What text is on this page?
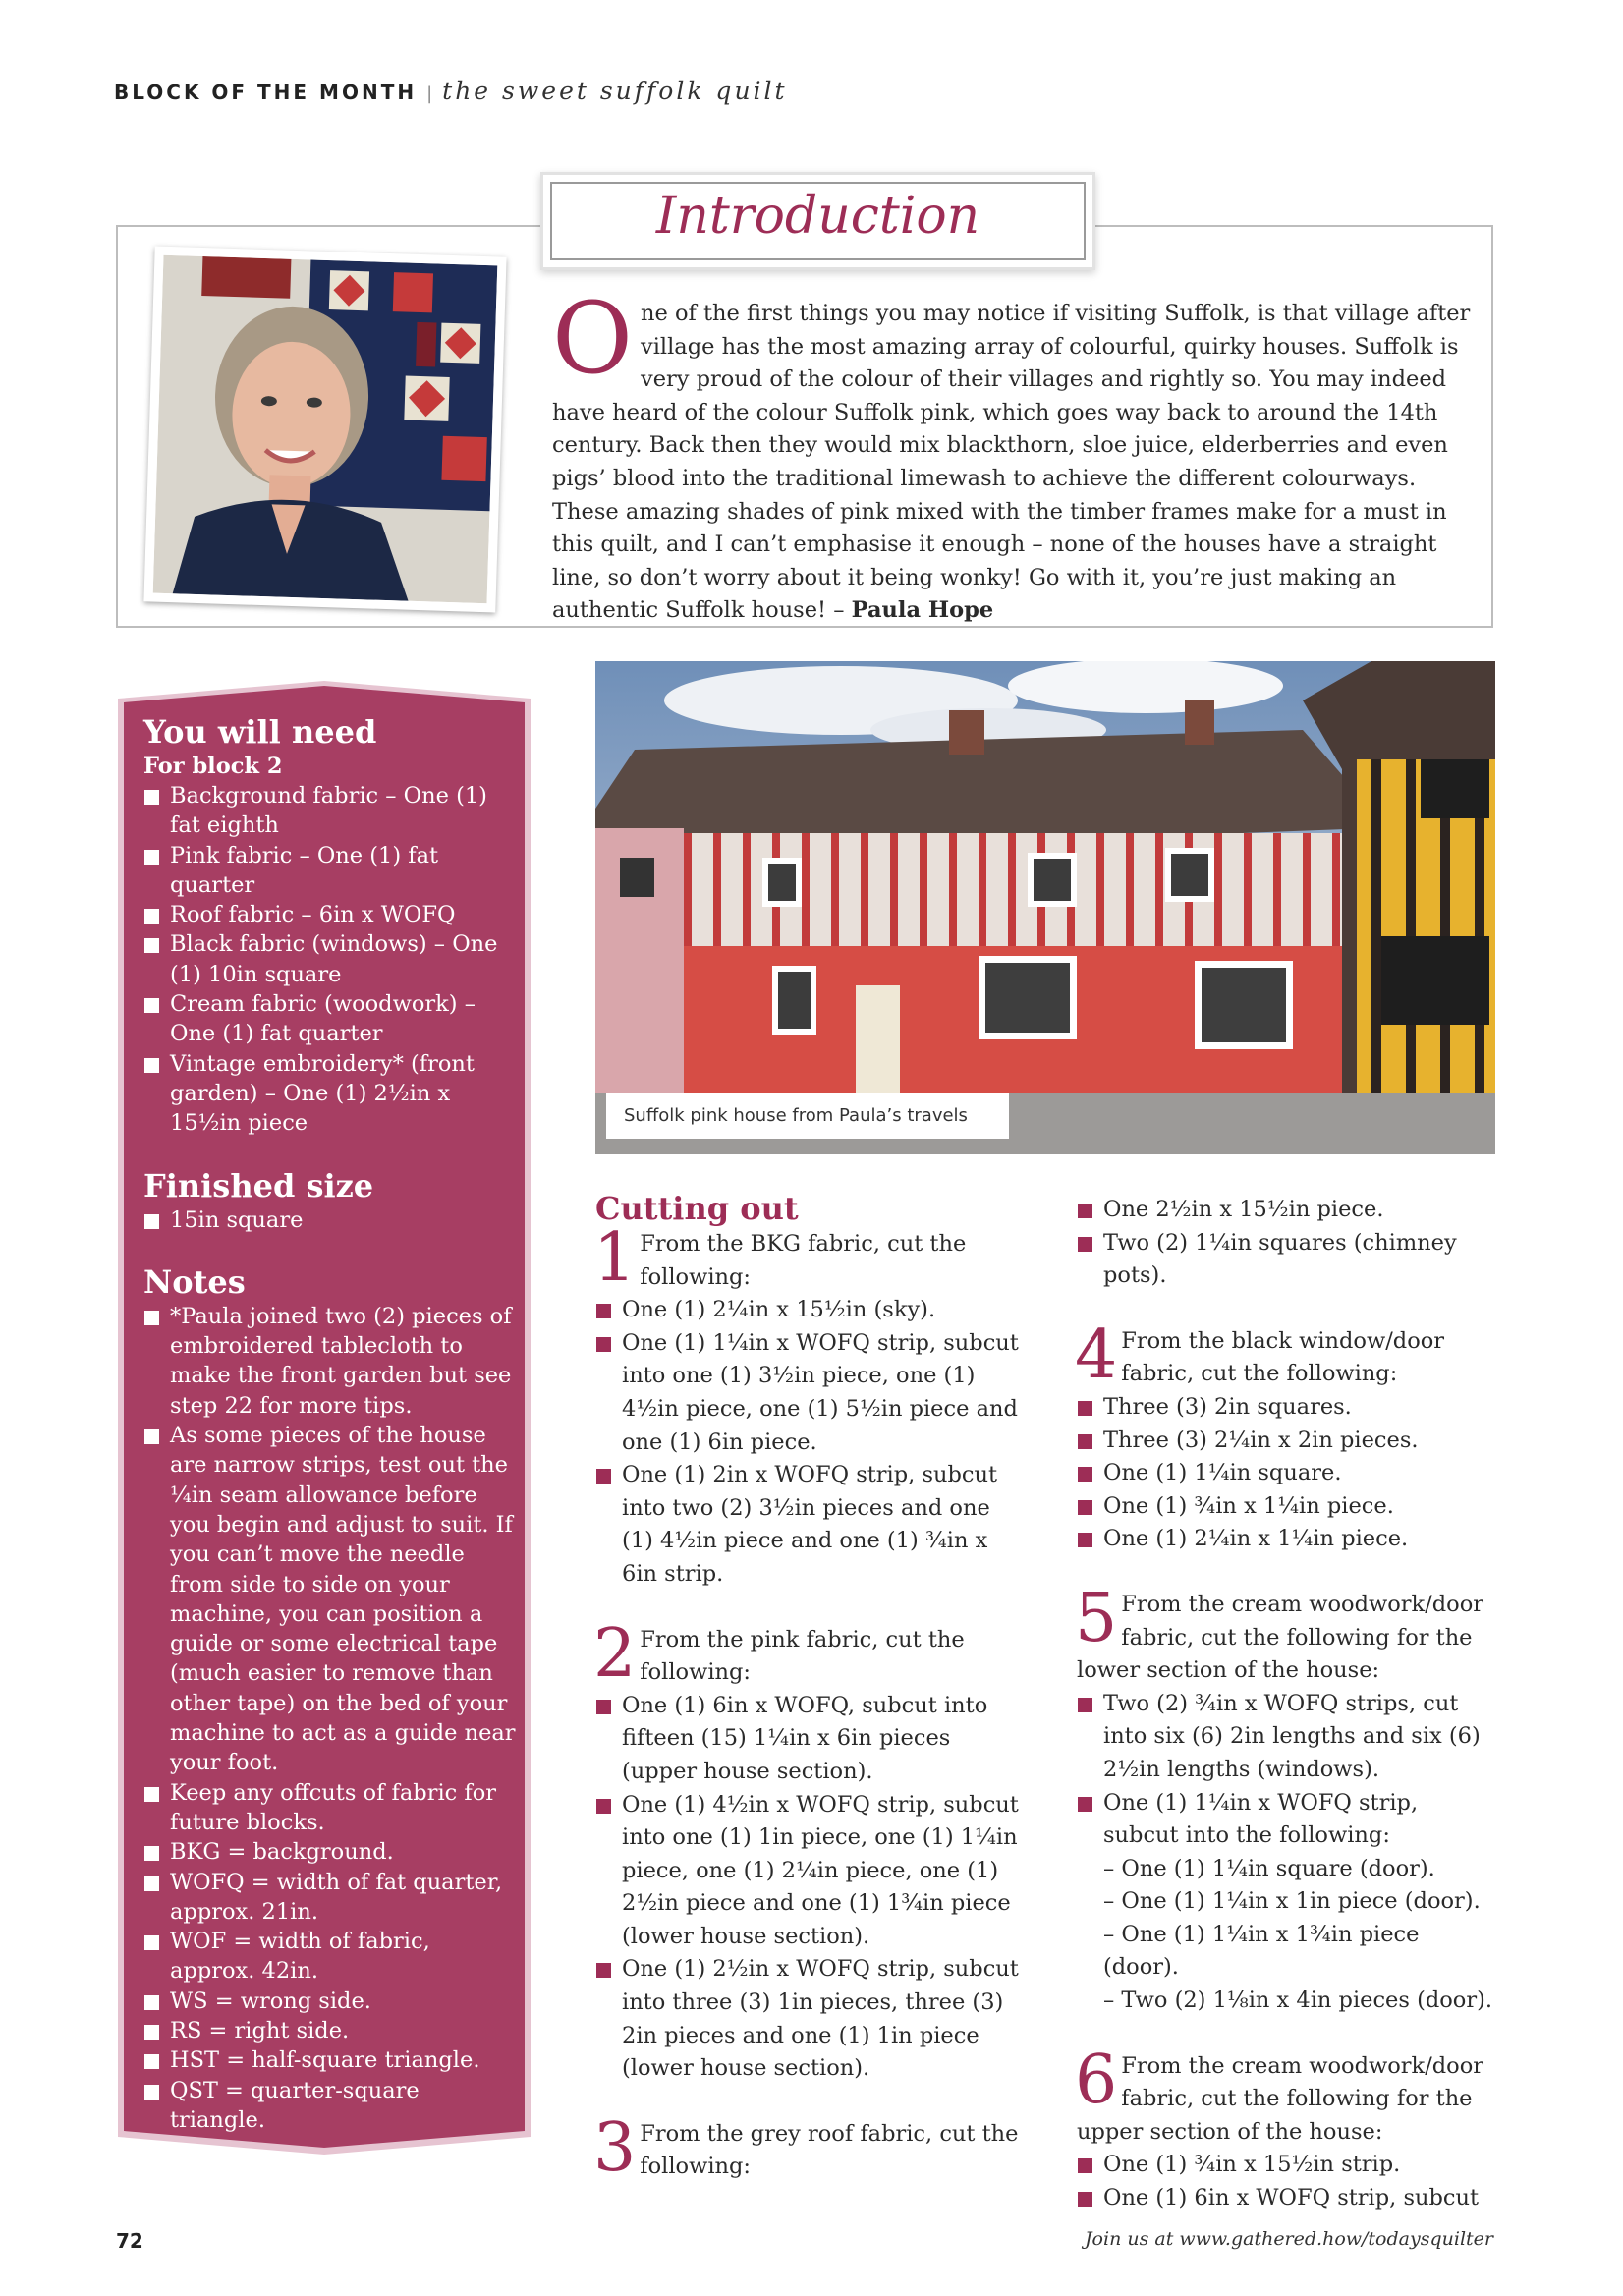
BLOCK OF THE MONTH | the sweet suffolk quilt
Introduction
One of the first things you may notice if visiting Suffolk, is that village after village has the most amazing array of colourful, quirky houses. Suffolk is very proud of the colour of their villages and rightly so. You may indeed have heard of the colour Suffolk pink, which goes way back to around the 14th century. Back then they would mix blackthorn, sloe juice, elderberries and even pigs’ blood into the traditional limewash to achieve the different colourways. These amazing shades of pink mixed with the timber frames make for a must in this quilt, and I can’t emphasise it enough – none of the houses have a straight line, so don’t worry about it being wonky! Go with it, you’re just making an authentic Suffolk house! – Paula Hope
You will need
For block 2
Background fabric – One (1) fat eighth
Pink fabric – One (1) fat quarter
Roof fabric – 6in x WOFQ
Black fabric (windows) – One (1) 10in square
Cream fabric (woodwork) – One (1) fat quarter
Vintage embroidery* (front garden) – One (1) 2½in x 15½in piece
Finished size
15in square
Notes
*Paula joined two (2) pieces of embroidered tablecloth to make the front garden but see step 22 for more tips.
As some pieces of the house are narrow strips, test out the ¼in seam allowance before you begin and adjust to suit. If you can’t move the needle from side to side on your machine, you can position a guide or some electrical tape (much easier to remove than other tape) on the bed of your machine to act as a guide near your foot.
Keep any offcuts of fabric for future blocks.
BKG = background.
WOFQ = width of fat quarter, approx. 21in.
WOF = width of fabric, approx. 42in.
WS = wrong side.
RS = right side.
HST = half-square triangle.
QST = quarter-square triangle.
Suffolk pink house from Paula’s travels
Cutting out
1 From the BKG fabric, cut the following:
One (1) 2¼in x 15½in (sky).
One (1) 1¼in x WOFQ strip, subcut into one (1) 3½in piece, one (1) 4½in piece, one (1) 5½in piece and one (1) 6in piece.
One (1) 2in x WOFQ strip, subcut into two (2) 3½in pieces and one (1) 4½in piece and one (1) ¾in x 6in strip.
2 From the pink fabric, cut the following:
One (1) 6in x WOFQ, subcut into fifteen (15) 1¼in x 6in pieces (upper house section).
One (1) 4½in x WOFQ strip, subcut into one (1) 1in piece, one (1) 1¼in piece, one (1) 2¼in piece, one (1) 2½in piece and one (1) 1¾in piece (lower house section).
One (1) 2½in x WOFQ strip, subcut into three (3) 1in pieces, three (3) 2in pieces and one (1) 1in piece (lower house section).
3 From the grey roof fabric, cut the following:
One 2½in x 15½in piece.
Two (2) 1¼in squares (chimney pots).
4 From the black window/door fabric, cut the following:
Three (3) 2in squares.
Three (3) 2¼in x 2in pieces.
One (1) 1¼in square.
One (1) ¾in x 1¼in piece.
One (1) 2¼in x 1¼in piece.
5 From the cream woodwork/door fabric, cut the following for the lower section of the house:
Two (2) ¾in x WOFQ strips, cut into six (6) 2in lengths and six (6) 2½in lengths (windows).
One (1) 1¼in x WOFQ strip, subcut into the following:
– One (1) 1¼in square (door).
– One (1) 1¼in x 1in piece (door).
– One (1) 1¼in x 1¾in piece (door).
– Two (2) 1⅛in x 4in pieces (door).
6 From the cream woodwork/door fabric, cut the following for the upper section of the house:
One (1) ¾in x 15½in strip.
One (1) 6in x WOFQ strip, subcut
72	Join us at www.gathered.how/todaysquilter
